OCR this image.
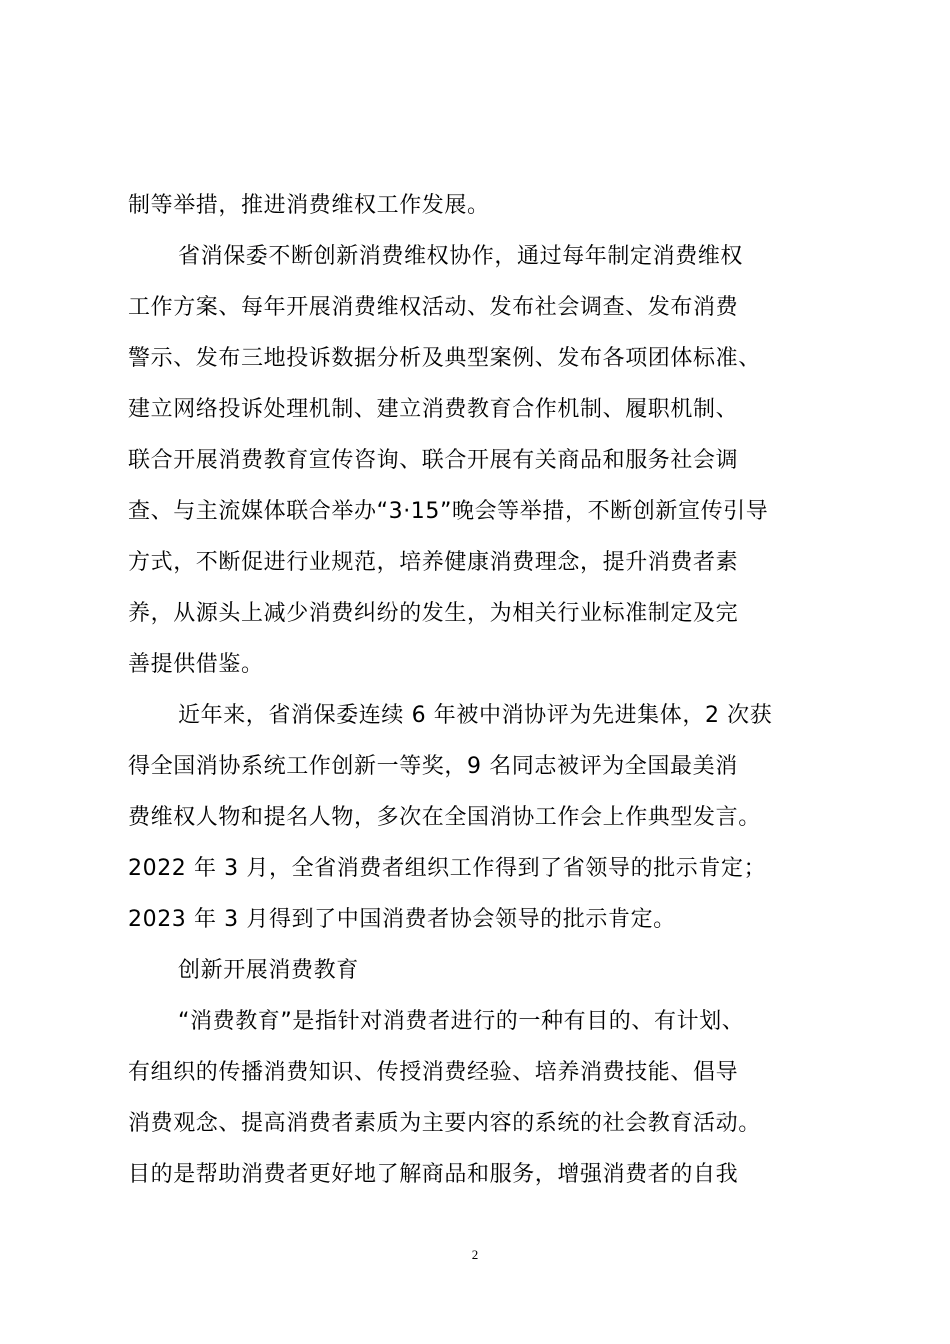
制等举措，推进消费维权工作发展。
省消保委不断创新消费维权协作，通过每年制定消费维权
工作方案、每年开展消费维权活动、发布社会调查、发布消费
警示、发布三地投诉数据分析及典型案例、发布各项团体标准、
建立网络投诉处理机制、建立消费教育合作机制、履职机制、
联合开展消费教育宣传咨询、联合开展有关商品和服务社会调
查、与主流媒体联合举办“3·15”晚会等举措，不断创新宣传引导
方式，不断促进行业规范，培养健康消费理念，提升消费者素
养，从源头上减少消费纠纷的发生，为相关行业标准制定及完
善提供借鉴。
近年来，省消保委连续 6 年被中消协评为先进集体，2 次获
得全国消协系统工作创新一等奖，9 名同志被评为全国最美消
费维权人物和提名人物，多次在全国消协工作会上作典型发言。
2022 年 3 月，全省消费者组织工作得到了省领导的批示肯定；
2023 年 3 月得到了中国消费者协会领导的批示肯定。
创新开展消费教育
“消费教育”是指针对消费者进行的一种有目的、有计划、
有组织的传播消费知识、传授消费经验、培养消费技能、倡导
消费观念、提高消费者素质为主要内容的系统的社会教育活动。
目的是帮助消费者更好地了解商品和服务，增强消费者的自我
2
